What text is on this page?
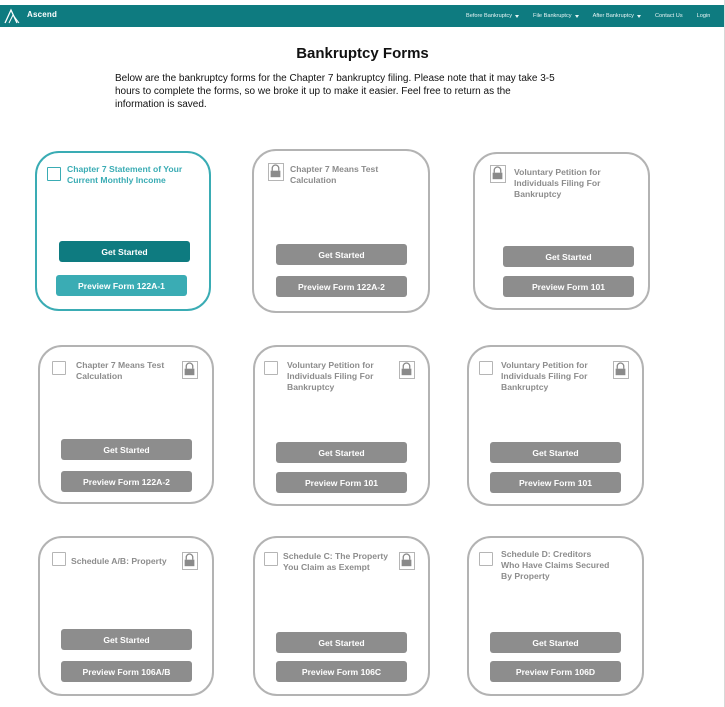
Ascend	Before Bankruptcy	File Bankruptcy	After Bankruptcy	Contact Us	Login
Bankruptcy Forms
Below are the bankruptcy forms for the Chapter 7 bankruptcy filing. Please note that it may take 3-5 hours to complete the forms, so we broke it up to make it easier. Feel free to return as the information is saved.
Chapter 7 Statement of Your Current Monthly Income
Get Started
Preview Form 122A-1
Chapter 7 Means Test Calculation
Get Started
Preview Form 122A-2
Voluntary Petition for Individuals Filing For Bankruptcy
Get Started
Preview Form 101
Chapter 7 Means Test Calculation
Get Started
Preview Form 122A-2
Voluntary Petition for Individuals Filing For Bankruptcy
Get Started
Preview Form 101
Voluntary Petition for Individuals Filing For Bankruptcy
Get Started
Preview Form 101
Schedule A/B: Property
Get Started
Preview Form 106A/B
Schedule C: The Property You Claim as Exempt
Get Started
Preview Form 106C
Schedule D: Creditors Who Have Claims Secured By Property
Get Started
Preview Form 106D
